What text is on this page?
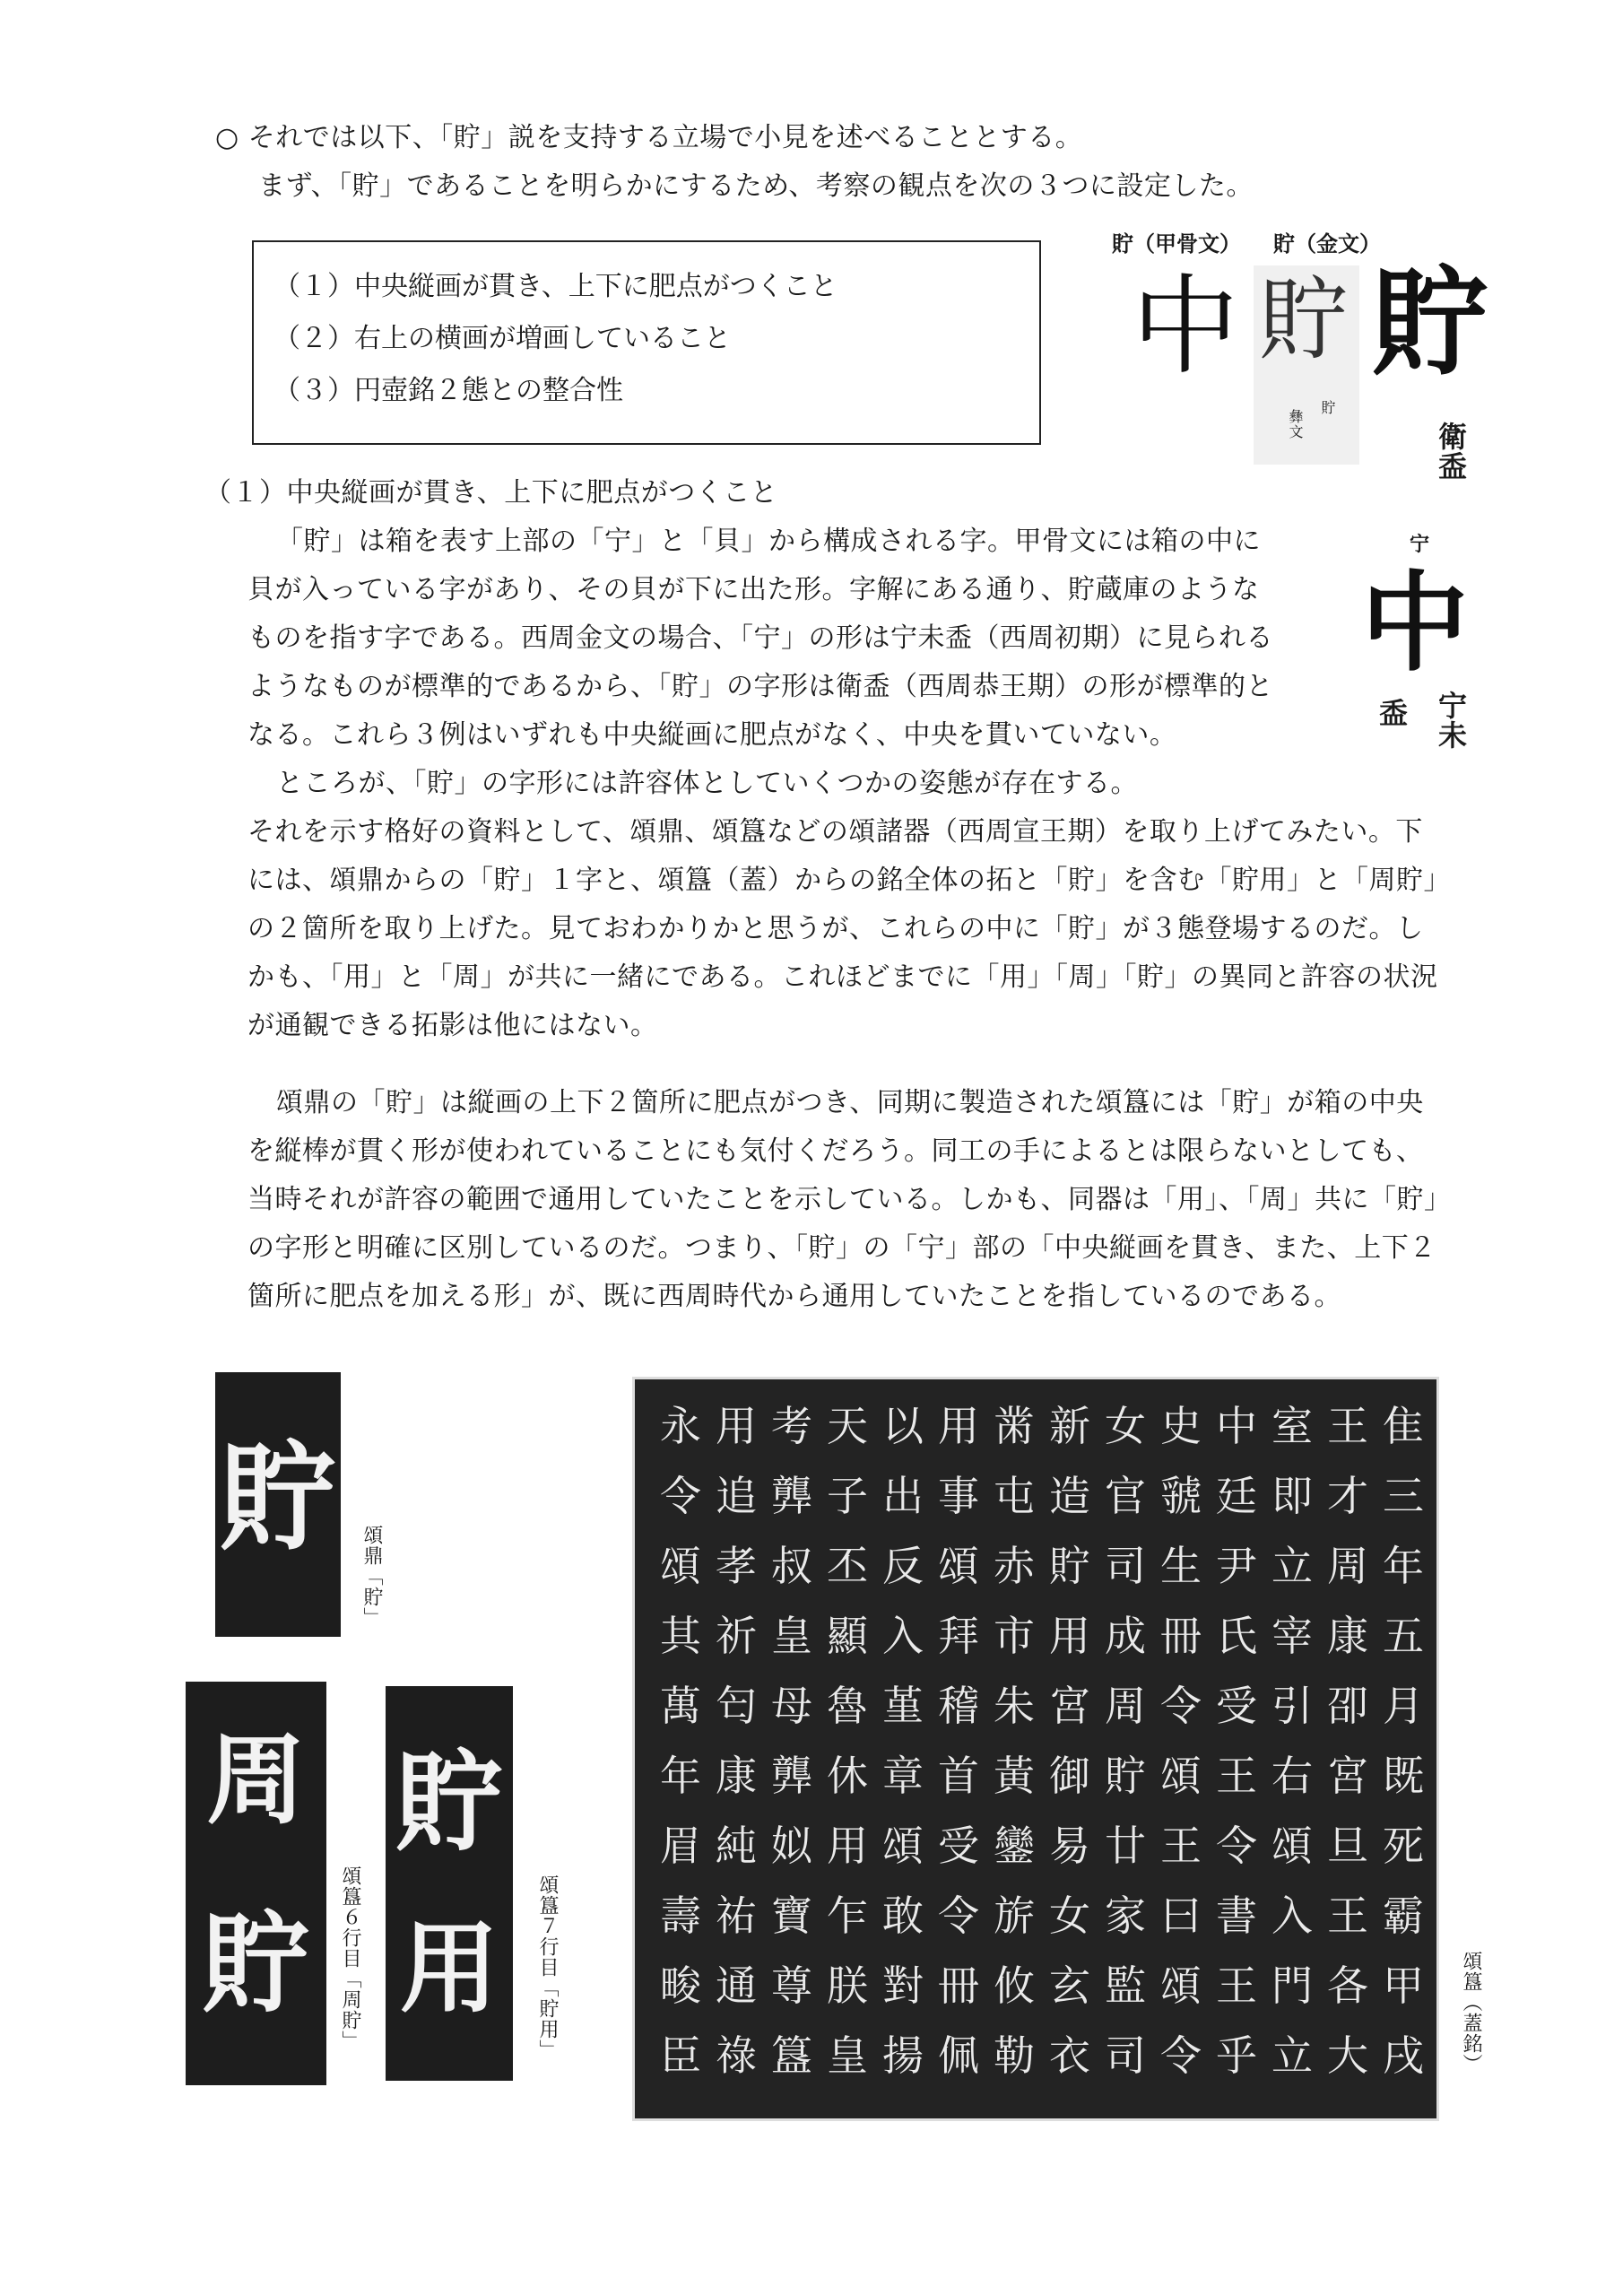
○ それでは以下、「貯」説を支持する立場で小見を述べることとする。
まず、「貯」であることを明らかにするため、考察の観点を次の３つに設定した。
（１）中央縦画が貫き、上下に肥点がつくこと
（２）右上の横画が増画していること
（３）円壺銘２態との整合性
貯（甲骨文） 貯（金文）
中 貯
貯
彝文
貯
衛盉
宁
中
盉 宁未
（１）中央縦画が貫き、上下に肥点がつくこと
「貯」は箱を表す上部の「宁」と「貝」から構成される字。甲骨文には箱の中に
貝が入っている字があり、その貝が下に出た形。字解にある通り、貯蔵庫のような
ものを指す字である。西周金文の場合、「宁」の形は宁未盉（西周初期）に見られる
ようなものが標準的であるから、「貯」の字形は衛盉（西周恭王期）の形が標準的と
なる。これら３例はいずれも中央縦画に肥点がなく、中央を貫いていない。
ところが、「貯」の字形には許容体としていくつかの姿態が存在する。
それを示す格好の資料として、頌鼎、頌簋などの頌諸器（西周宣王期）を取り上げてみたい。下
には、頌鼎からの「貯」１字と、頌簋（蓋）からの銘全体の拓と「貯」を含む「貯用」と「周貯」
の２箇所を取り上げた。見ておわかりかと思うが、これらの中に「貯」が３態登場するのだ。し
かも、「用」と「周」が共に一緒にである。これほどまでに「用」「周」「貯」の異同と許容の状況
が通観できる拓影は他にはない。
頌鼎の「貯」は縦画の上下２箇所に肥点がつき、同期に製造された頌簋には「貯」が箱の中央
を縦棒が貫く形が使われていることにも気付くだろう。同工の手によるとは限らないとしても、
当時それが許容の範囲で通用していたことを示している。しかも、同器は「用」、「周」共に「貯」
の字形と明確に区別しているのだ。つまり、「貯」の「宁」部の「中央縦画を貫き、また、上下２
箇所に肥点を加える形」が、既に西周時代から通用していたことを指しているのである。
貯
頌鼎「貯」
周
貯	頌簋６行目「周貯」
貯
用	頌簋７行目「貯用」
隹
三
年
五
月
既
死
霸
甲
戌
王
才
周
康
卲
宮
旦
王
各
大
室
即
立
宰
引
右
頌
入
門
立
中
廷
尹
氏
受
王
令
書
王
乎
史
虢
生
冊
令
頌
王
曰
頌
令
女
官
司
成
周
貯
廿
家
監
司
新
造
貯
用
宮
御
易
女
玄
衣
黹
屯
赤
市
朱
黃
鑾
旂
攸
勒
用
事
頌
拜
稽
首
受
令
冊
佩
以
出
反
入
堇
章
頌
敢
對
揚
天
子
丕
顯
魯
休
用
乍
朕
皇
考
龏
叔
皇
母
龏
姒
寶
尊
簋
用
追
孝
祈
匄
康
純
祐
通
祿
永
令
頌
其
萬
年
眉
壽
畯
臣	頌簋（蓋銘）
